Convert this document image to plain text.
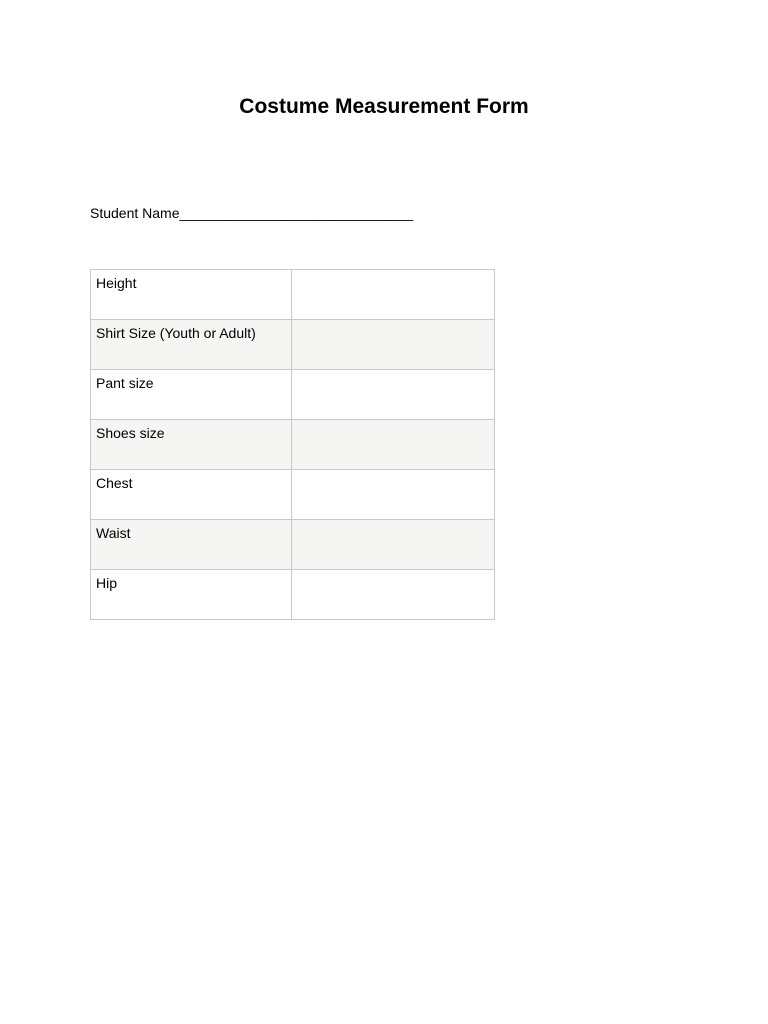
Costume Measurement Form
Student Name______________________________
Height	
Shirt Size (Youth or Adult)	
Pant size	
Shoes size	
Chest	
Waist	
Hip	
